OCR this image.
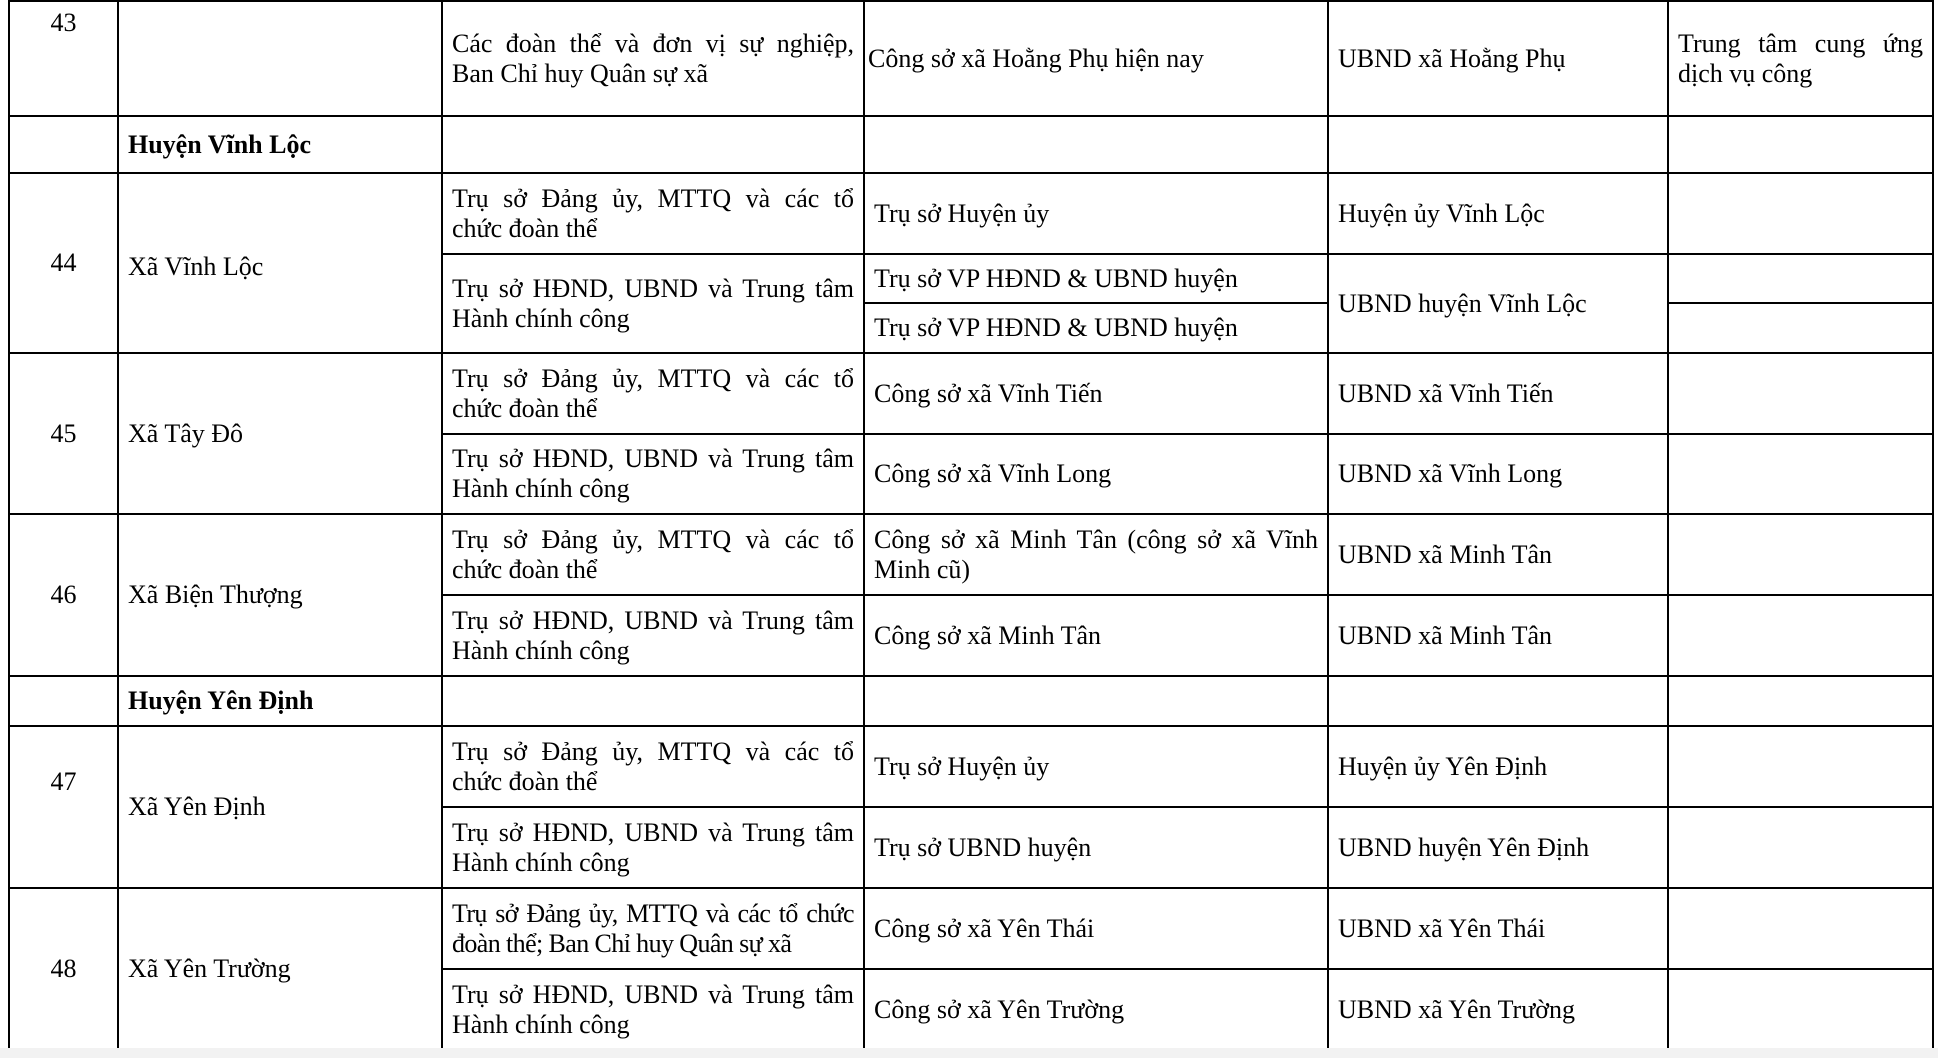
43		Các đoàn thể và đơn vị sự nghiệp, Ban Chỉ huy Quân sự xã	Công sở xã Hoằng Phụ hiện nay	UBND xã Hoằng Phụ	Trung tâm cung ứng dịch vụ công
	Huyện Vĩnh Lộc				
44	Xã Vĩnh Lộc	Trụ sở Đảng ủy, MTTQ và các tổ chức đoàn thể	Trụ sở Huyện ủy	Huyện ủy Vĩnh Lộc	
		Trụ sở HĐND, UBND và Trung tâm Hành chính công	Trụ sở VP HĐND & UBND huyện	UBND huyện Vĩnh Lộc	
			Trụ sở VP HĐND & UBND huyện		
45	Xã Tây Đô	Trụ sở Đảng ủy, MTTQ và các tổ chức đoàn thể	Công sở xã Vĩnh Tiến	UBND xã Vĩnh Tiến	
		Trụ sở HĐND, UBND và Trung tâm Hành chính công	Công sở xã Vĩnh Long	UBND xã Vĩnh Long	
46	Xã Biện Thượng	Trụ sở Đảng ủy, MTTQ và các tổ chức đoàn thể	Công sở xã Minh Tân (công sở xã Vĩnh Minh cũ)	UBND xã Minh Tân	
		Trụ sở HĐND, UBND và Trung tâm Hành chính công	Công sở xã Minh Tân	UBND xã Minh Tân	
	Huyện Yên Định				
47	Xã Yên Định	Trụ sở Đảng ủy, MTTQ và các tổ chức đoàn thể	Trụ sở Huyện ủy	Huyện ủy Yên Định	
		Trụ sở HĐND, UBND và Trung tâm Hành chính công	Trụ sở UBND huyện	UBND huyện Yên Định	
48	Xã Yên Trường	Trụ sở Đảng ủy, MTTQ và các tổ chức đoàn thể; Ban Chỉ huy Quân sự xã	Công sở xã Yên Thái	UBND xã Yên Thái	
		Trụ sở HĐND, UBND và Trung tâm Hành chính công	Công sở xã Yên Trường	UBND xã Yên Trường	
